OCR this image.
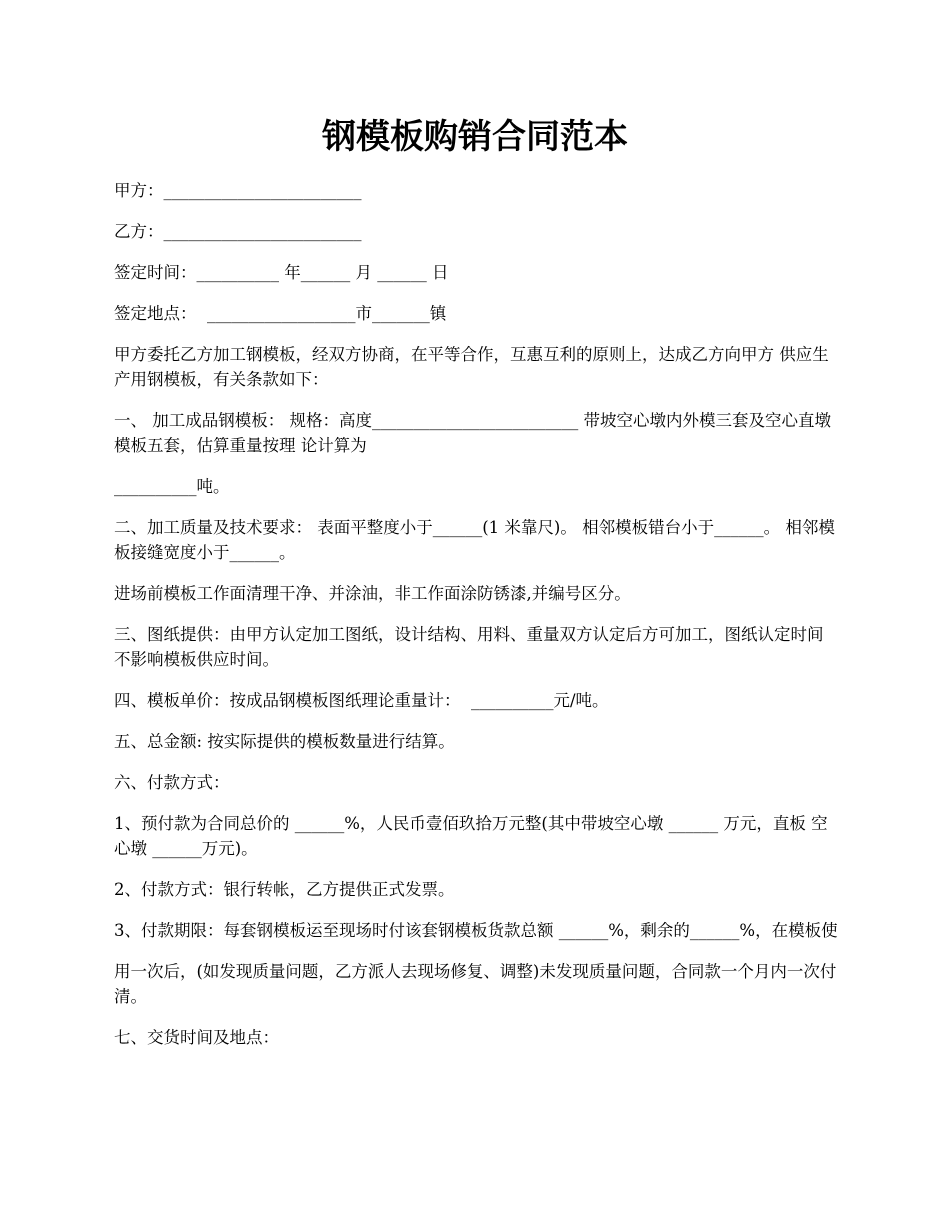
钢模板购销合同范本

甲方：________________________

乙方：________________________

签定时间：__________ 年______ 月 ______ 日

签定地点：  __________________市_______镇

甲方委托乙方加工钢模板，经双方协商，在平等合作，互惠互利的原则上，达成乙方向甲方 供应生产用钢模板，有关条款如下：

一、 加工成品钢模板： 规格：高度_________________________ 带坡空心墩内外模三套及空心直墩模板五套，估算重量按理 论计算为

__________吨。

二、加工质量及技术要求： 表面平整度小于______(1 米靠尺)。 相邻模板错台小于______。 相邻模板接缝宽度小于______。

进场前模板工作面清理干净、并涂油，非工作面涂防锈漆,并编号区分。

三、图纸提供：由甲方认定加工图纸，设计结构、用料、重量双方认定后方可加工，图纸认定时间不影响模板供应时间。

四、模板单价：按成品钢模板图纸理论重量计：  __________元/吨。

五、总金额: 按实际提供的模板数量进行结算。

六、付款方式：

1、预付款为合同总价的 ______%，人民币壹佰玖拾万元整(其中带坡空心墩 ______ 万元，直板 空心墩 ______万元)。

2、付款方式：银行转帐，乙方提供正式发票。

3、付款期限：每套钢模板运至现场时付该套钢模板货款总额 ______%，剩余的______%，在模板使

用一次后，(如发现质量问题，乙方派人去现场修复、调整)未发现质量问题，合同款一个月内一次付清。

七、交货时间及地点：
